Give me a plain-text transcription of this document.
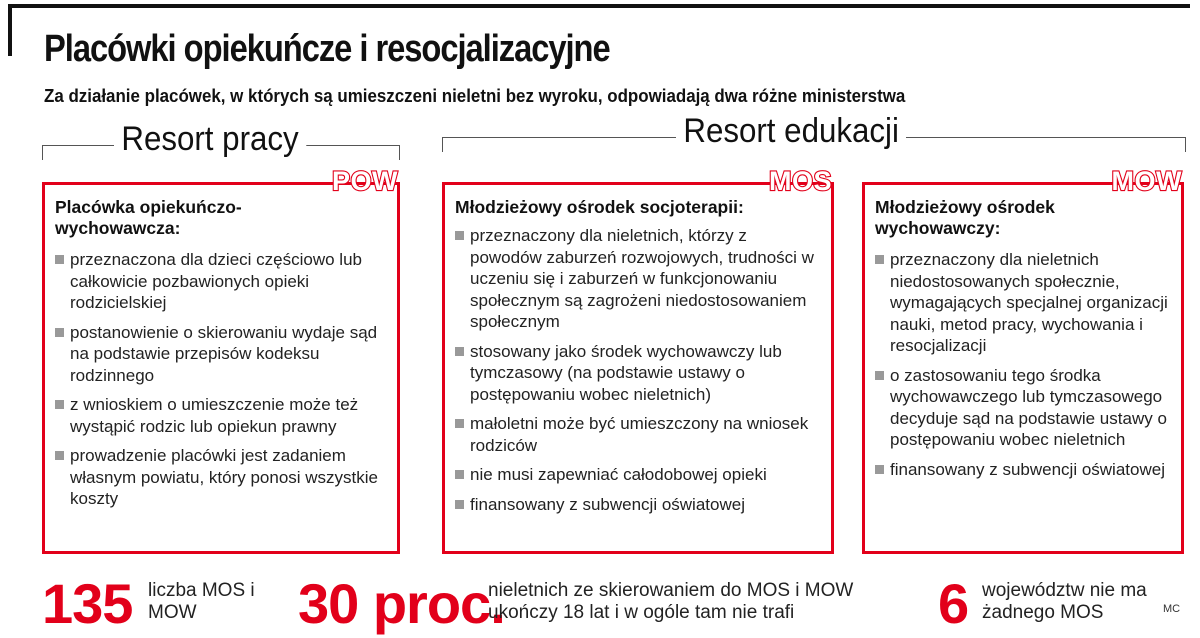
Placówki opiekuńcze i resocjalizacyjne
Za działanie placówek, w których są umieszczeni nieletni bez wyroku, odpowiadają dwa różne ministerstwa
Resort pracy	Resort edukacji
POW
Placówka opiekuńczo-wychowawcza:
przeznaczona dla dzieci częściowo lub całkowicie pozbawionych opieki rodzicielskiej
postanowienie o skierowaniu wydaje sąd na podstawie przepisów kodeksu rodzinnego
z wnioskiem o umieszczenie może też wystąpić rodzic lub opiekun prawny
prowadzenie placówki jest zadaniem własnym powiatu, który ponosi wszystkie koszty
MOS
Młodzieżowy ośrodek socjoterapii:
przeznaczony dla nieletnich, którzy z powodów zaburzeń rozwojowych, trudności w uczeniu się i zaburzeń w funkcjonowaniu społecznym są zagrożeni niedostosowaniem społecznym
stosowany jako środek wychowawczy lub tymczasowy (na podstawie ustawy o postępowaniu wobec nieletnich)
małoletni może być umieszczony na wniosek rodziców
nie musi zapewniać całodobowej opieki
finansowany z subwencji oświatowej
MOW
Młodzieżowy ośrodek wychowawczy:
przeznaczony dla nieletnich niedostosowanych społecznie, wymagających specjalnej organizacji nauki, metod pracy, wychowania i resocjalizacji
o zastosowaniu tego środka wychowawczego lub tymczasowego decyduje sąd na podstawie ustawy o postępowaniu wobec nieletnich
finansowany z subwencji oświatowej
135 liczba MOS i MOW	30 proc.
nieletnich ze skierowaniem do MOS i MOW ukończy 18 lat i w ogóle tam nie trafi	6 województw nie ma żadnego MOS	MC
